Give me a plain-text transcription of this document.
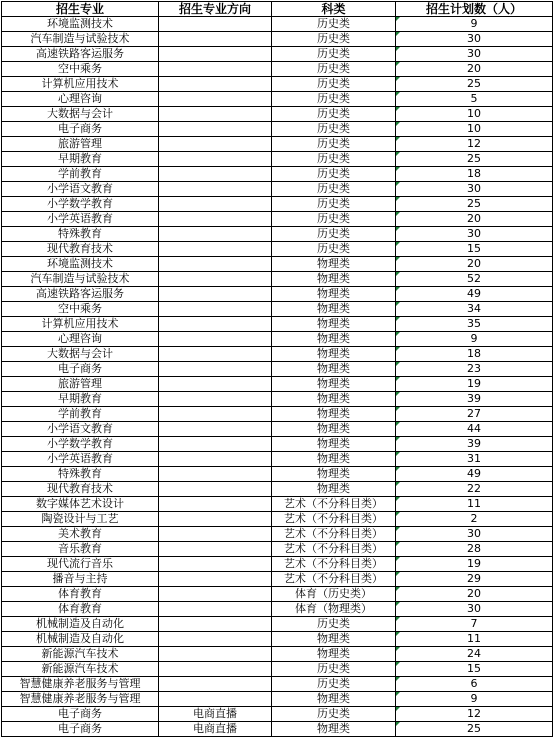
招生专业	招生专业方向	科类	招生计划数（人）
环境监测技术		历史类	9
汽车制造与试验技术		历史类	30
高速铁路客运服务		历史类	30
空中乘务		历史类	20
计算机应用技术		历史类	25
心理咨询		历史类	5
大数据与会计		历史类	10
电子商务		历史类	10
旅游管理		历史类	12
早期教育		历史类	25
学前教育		历史类	18
小学语文教育		历史类	30
小学数学教育		历史类	25
小学英语教育		历史类	20
特殊教育		历史类	30
现代教育技术		历史类	15
环境监测技术		物理类	20
汽车制造与试验技术		物理类	52
高速铁路客运服务		物理类	49
空中乘务		物理类	34
计算机应用技术		物理类	35
心理咨询		物理类	9
大数据与会计		物理类	18
电子商务		物理类	23
旅游管理		物理类	19
早期教育		物理类	39
学前教育		物理类	27
小学语文教育		物理类	44
小学数学教育		物理类	39
小学英语教育		物理类	31
特殊教育		物理类	49
现代教育技术		物理类	22
数字媒体艺术设计		艺术（不分科目类）	11
陶瓷设计与工艺		艺术（不分科目类）	2
美术教育		艺术（不分科目类）	30
音乐教育		艺术（不分科目类）	28
现代流行音乐		艺术（不分科目类）	19
播音与主持		艺术（不分科目类）	29
体育教育		体育（历史类）	20
体育教育		体育（物理类）	30
机械制造及自动化		历史类	7
机械制造及自动化		物理类	11
新能源汽车技术		物理类	24
新能源汽车技术		历史类	15
智慧健康养老服务与管理		历史类	6
智慧健康养老服务与管理		物理类	9
电子商务	电商直播	历史类	12
电子商务	电商直播	物理类	25
